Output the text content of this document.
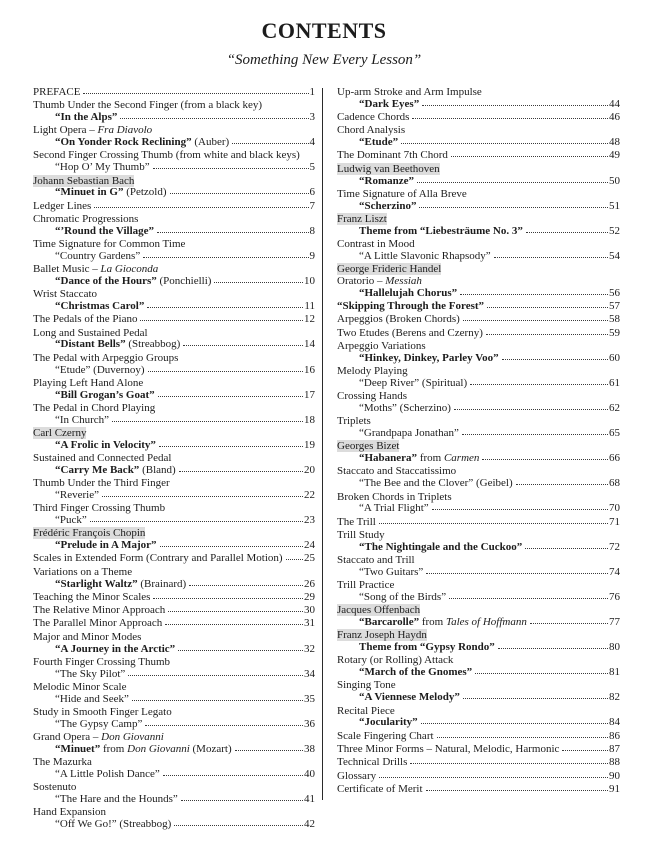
CONTENTS
“Something New Every Lesson”
PREFACE	1
Thumb Under the Second Finger (from a black key)
“In the Alps”	3
Light Opera – Fra Diavolo
“On Yonder Rock Reclining” (Auber)	4
Second Finger Crossing Thumb (from white and black keys)
“Hop O’ My Thumb”	5
Johann Sebastian Bach
“Minuet in G” (Petzold)	6
Ledger Lines	7
Chromatic Progressions
“’Round the Village”	8
Time Signature for Common Time
“Country Gardens”	9
Ballet Music – La Gioconda
“Dance of the Hours” (Ponchielli)	10
Wrist Staccato
“Christmas Carol”	11
The Pedals of the Piano	12
Long and Sustained Pedal
“Distant Bells” (Streabbog)	14
The Pedal with Arpeggio Groups
“Etude” (Duvernoy)	16
Playing Left Hand Alone
“Bill Grogan’s Goat”	17
The Pedal in Chord Playing
“In Church”	18
Carl Czerny
“A Frolic in Velocity”	19
Sustained and Connected Pedal
“Carry Me Back” (Bland)	20
Thumb Under the Third Finger
“Reverie”	22
Third Finger Crossing Thumb
“Puck”	23
Frédéric François Chopin
“Prelude in A Major”	24
Scales in Extended Form (Contrary and Parallel Motion) 25
Variations on a Theme
“Starlight Waltz” (Brainard)	26
Teaching the Minor Scales	29
The Relative Minor Approach	30
The Parallel Minor Approach	31
Major and Minor Modes
“A Journey in the Arctic”	32
Fourth Finger Crossing Thumb
“The Sky Pilot”	34
Melodic Minor Scale
“Hide and Seek”	35
Study in Smooth Finger Legato
“The Gypsy Camp”	36
Grand Opera – Don Giovanni
“Minuet” from Don Giovanni (Mozart)	38
The Mazurka
“A Little Polish Dance”	40
Sostenuto
“The Hare and the Hounds”	41
Hand Expansion
“Off We Go!” (Streabbog)	42
Up-arm Stroke and Arm Impulse
“Dark Eyes”	44
Cadence Chords	46
Chord Analysis
“Etude”	48
The Dominant 7th Chord	49
Ludwig van Beethoven
“Romanze”	50
Time Signature of Alla Breve
“Scherzino”	51
Franz Liszt
Theme from “Liebesträume No. 3”	52
Contrast in Mood
“A Little Slavonic Rhapsody”	54
George Frideric Handel
Oratorio – Messiah
“Hallelujah Chorus”	56
“Skipping Through the Forest”	57
Arpeggios (Broken Chords)	58
Two Etudes (Berens and Czerny)	59
Arpeggio Variations
“Hinkey, Dinkey, Parley Voo”	60
Melody Playing
“Deep River” (Spiritual)	61
Crossing Hands
“Moths” (Scherzino)	62
Triplets
“Grandpapa Jonathan”	65
Georges Bizet
“Habanera” from Carmen	66
Staccato and Staccatissimo
“The Bee and the Clover” (Geibel)	68
Broken Chords in Triplets
“A Trial Flight”	70
The Trill	71
Trill Study
“The Nightingale and the Cuckoo”	72
Staccato and Trill
“Two Guitars”	74
Trill Practice
“Song of the Birds”	76
Jacques Offenbach
“Barcarolle” from Tales of Hoffmann	77
Franz Joseph Haydn
Theme from “Gypsy Rondo”	80
Rotary (or Rolling) Attack
“March of the Gnomes”	81
Singing Tone
“A Viennese Melody”	82
Recital Piece
“Jocularity”	84
Scale Fingering Chart	86
Three Minor Forms – Natural, Melodic, Harmonic	87
Technical Drills	88
Glossary	90
Certificate of Merit	91
